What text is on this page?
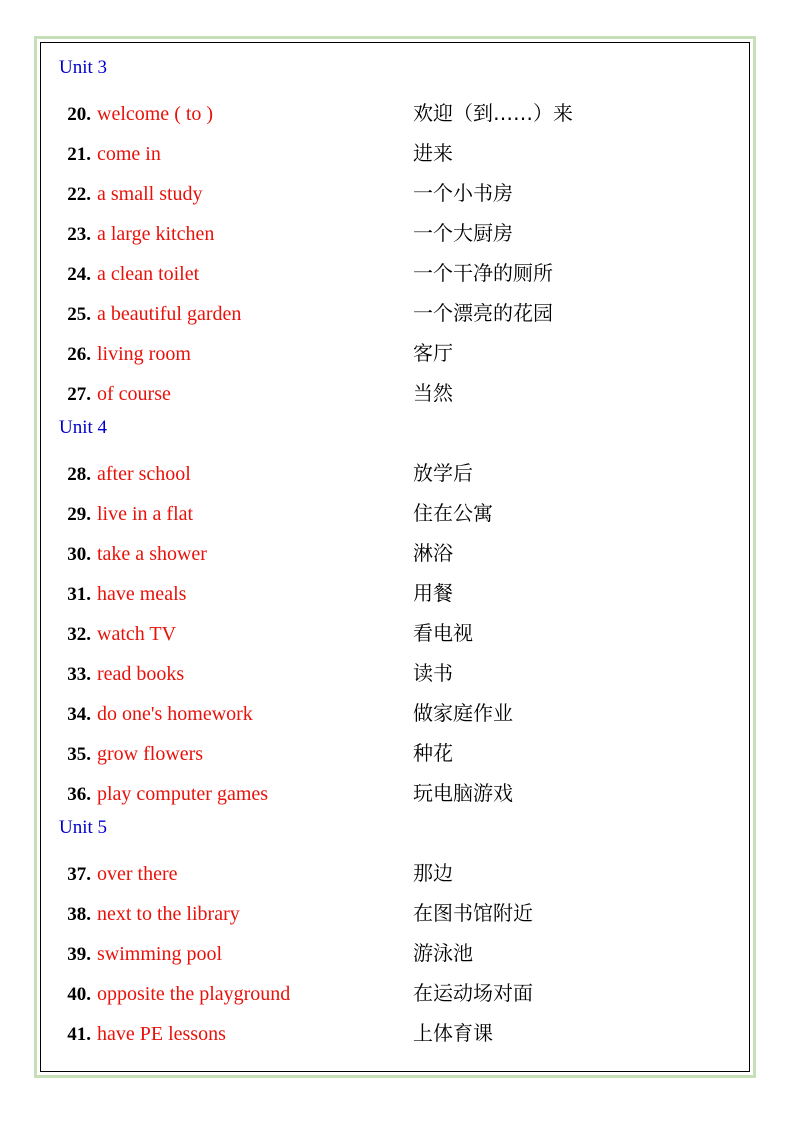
Unit 3
20. welcome ( to )	欢迎（到……）来
21. come in	进来
22. a small study	一个小书房
23. a large kitchen	一个大厨房
24. a clean toilet	一个干净的厕所
25. a beautiful garden	一个漂亮的花园
26. living room	客厅
27. of course	当然
Unit 4
28. after school	放学后
29. live in a flat	住在公寓
30. take a shower	淋浴
31. have meals	用餐
32. watch TV	看电视
33. read books	读书
34. do one's homework	做家庭作业
35. grow flowers	种花
36. play computer games	玩电脑游戏
Unit 5
37. over there	那边
38. next to the library	在图书馆附近
39. swimming pool	游泳池
40. opposite the playground	在运动场对面
41. have PE lessons	上体育课
